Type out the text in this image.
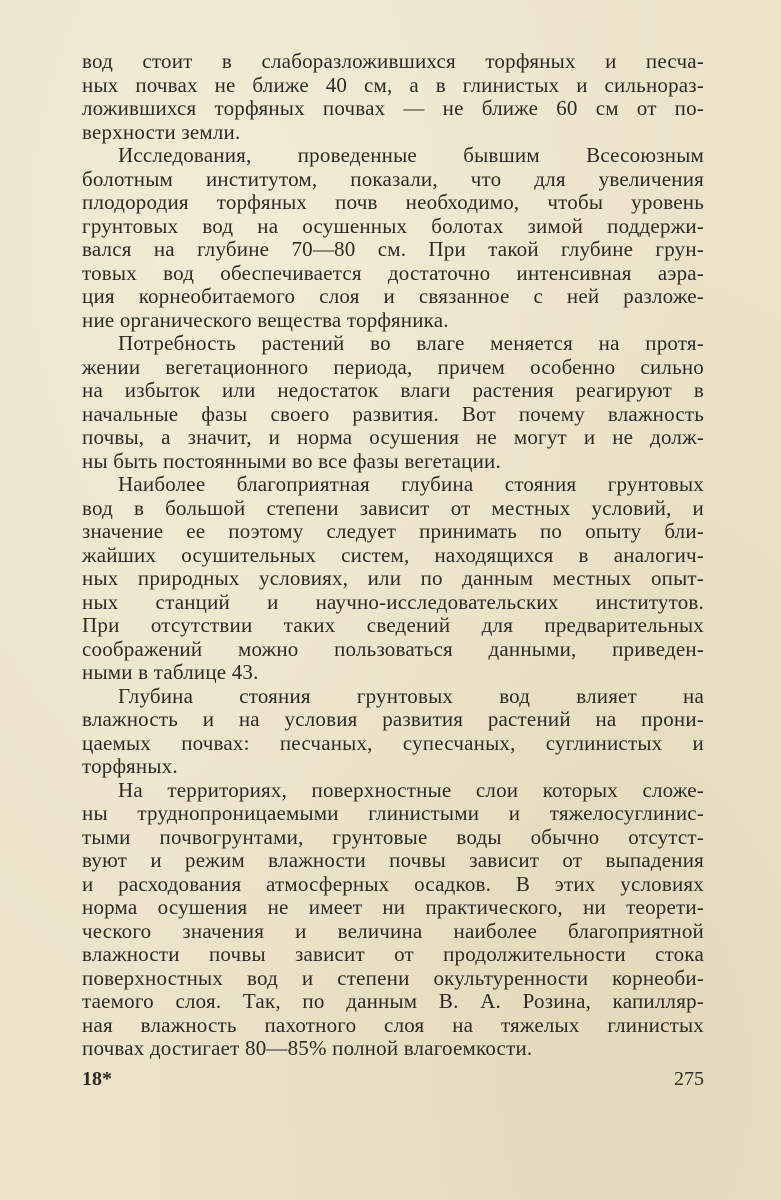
вод стоит в слаборазложившихся торфяных и песча-
ных почвах не ближе 40 см, а в глинистых и сильнораз-
ложившихся торфяных почвах — не ближе 60 см от по-
верхности земли.
Исследования, проведенные бывшим Всесоюзным
болотным институтом, показали, что для увеличения
плодородия торфяных почв необходимо, чтобы уровень
грунтовых вод на осушенных болотах зимой поддержи-
вался на глубине 70—80 см. При такой глубине грун-
товых вод обеспечивается достаточно интенсивная аэра-
ция корнеобитаемого слоя и связанное с ней разложе-
ние органического вещества торфяника.
Потребность растений во влаге меняется на протя-
жении вегетационного периода, причем особенно сильно
на избыток или недостаток влаги растения реагируют в
начальные фазы своего развития. Вот почему влажность
почвы, а значит, и норма осушения не могут и не долж-
ны быть постоянными во все фазы вегетации.
Наиболее благоприятная глубина стояния грунтовых
вод в большой степени зависит от местных условий, и
значение ее поэтому следует принимать по опыту бли-
жайших осушительных систем, находящихся в аналогич-
ных природных условиях, или по данным местных опыт-
ных станций и научно-исследовательских институтов.
При отсутствии таких сведений для предварительных
соображений можно пользоваться данными, приведен-
ными в таблице 43.
Глубина стояния грунтовых вод влияет на
влажность и на условия развития растений на прони-
цаемых почвах: песчаных, супесчаных, суглинистых и
торфяных.
На территориях, поверхностные слои которых сложе-
ны труднопроницаемыми глинистыми и тяжелосуглинис-
тыми почвогрунтами, грунтовые воды обычно отсутст-
вуют и режим влажности почвы зависит от выпадения
и расходования атмосферных осадков. В этих условиях
норма осушения не имеет ни практического, ни теорети-
ческого значения и величина наиболее благоприятной
влажности почвы зависит от продолжительности стока
поверхностных вод и степени окультуренности корнеоби-
таемого слоя. Так, по данным В. А. Розина, капилляр-
ная влажность пахотного слоя на тяжелых глинистых
почвах достигает 80—85% полной влагоемкости.
18*	275
